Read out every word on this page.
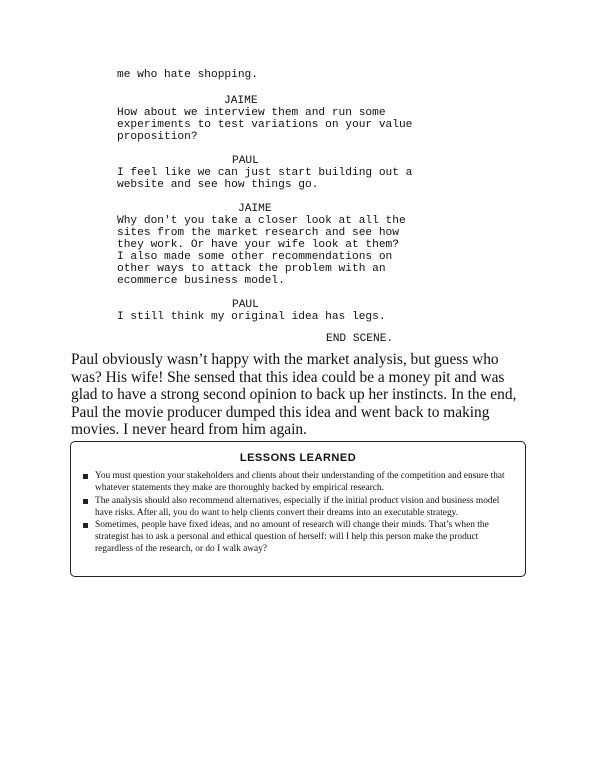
me who hate shopping.

JAIME

How about we interview them and run some

experiments to test variations on your value

proposition?

PAUL

I feel like we can just start building out a

website and see how things go.

JAIME

Why don't you take a closer look at all the

sites from the market research and see how

they work. Or have your wife look at them?

I also made some other recommendations on

other ways to attack the problem with an

ecommerce business model.

PAUL

I still think my original idea has legs.

END SCENE.

Paul obviously wasn’t happy with the market analysis, but guess who was? His wife! She sensed that this idea could be a money pit and was glad to have a strong second opinion to back up her instincts. In the end, Paul the movie producer dumped this idea and went back to making movies. I never heard from him again.

LESSONS LEARNED
You must question your stakeholders and clients about their understanding of the competition and ensure that whatever statements they make are thoroughly backed by empirical research.
The analysis should also recommend alternatives, especially if the initial product vision and business model have risks. After all, you do want to help clients convert their dreams into an executable strategy.
Sometimes, people have fixed ideas, and no amount of research will change their minds. That’s when the strategist has to ask a personal and ethical question of herself: will I help this person make the product regardless of the research, or do I walk away?
